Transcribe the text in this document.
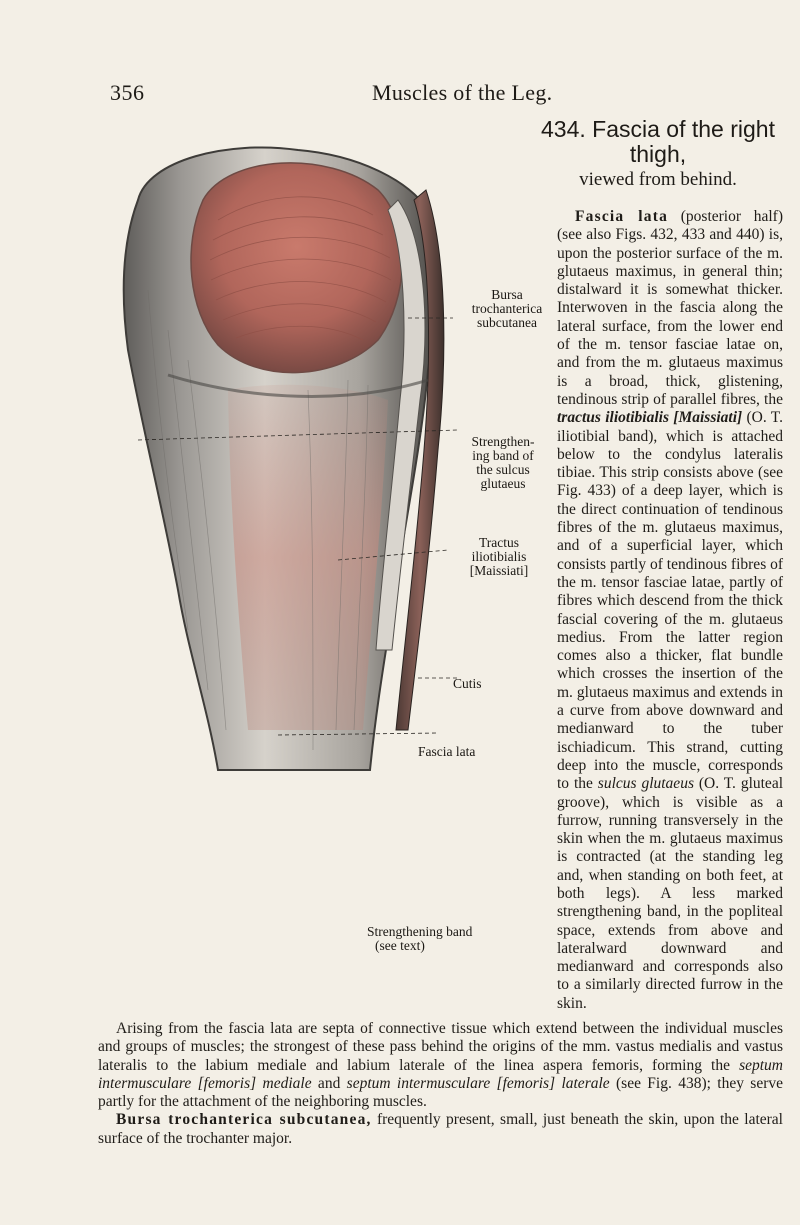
356	Muscles of the Leg.
434. Fascia of the right thigh,
viewed from behind.
Bursa
trochanterica
subcutanea
Strengthen-
ing band of
the sulcus
glutaeus
Tractus
iliotibialis
[Maissiati]
Cutis
Fascia lata
Strengthening band
(see text)

Fascia lata (posterior half) (see also Figs. 432, 433 and 440) is, upon the posterior surface of the m. glutaeus maximus, in general thin; distalward it is somewhat thicker. Interwoven in the fascia along the lateral surface, from the lower end of the m. tensor fasciae latae on, and from the m. glutaeus maximus is a broad, thick, glistening, tendinous strip of parallel fibres, the tractus iliotibialis [Maissiati] (O. T. iliotibial band), which is attached below to the condylus lateralis tibiae. This strip consists above (see Fig. 433) of a deep layer, which is the direct continuation of tendinous fibres of the m. glutaeus maximus, and of a superficial layer, which consists partly of tendinous fibres of the m. tensor fasciae latae, partly of fibres which descend from the thick fascial covering of the m. glutaeus medius. From the latter region comes also a thicker, flat bundle which crosses the insertion of the m. glutaeus maximus and extends in a curve from above downward and medianward to the tuber ischiadicum. This strand, cutting deep into the muscle, corresponds to the sulcus glutaeus (O. T. gluteal groove), which is visible as a furrow, running transversely in the skin when the m. glutaeus maximus is contracted (at the standing leg and, when standing on both feet, at both legs). A less marked strengthening band, in the popliteal space, extends from above and lateralward downward and medianward and corresponds also to a similarly directed furrow in the skin.

Arising from the fascia lata are septa of connective tissue which extend between the individual muscles and groups of muscles; the strongest of these pass behind the origins of the mm. vastus medialis and vastus lateralis to the labium mediale and labium laterale of the linea aspera femoris, forming the septum intermusculare [femoris] mediale and septum intermusculare [femoris] laterale (see Fig. 438); they serve partly for the attachment of the neighboring muscles.

Bursa trochanterica subcutanea, frequently present, small, just beneath the skin, upon the lateral surface of the trochanter major.
